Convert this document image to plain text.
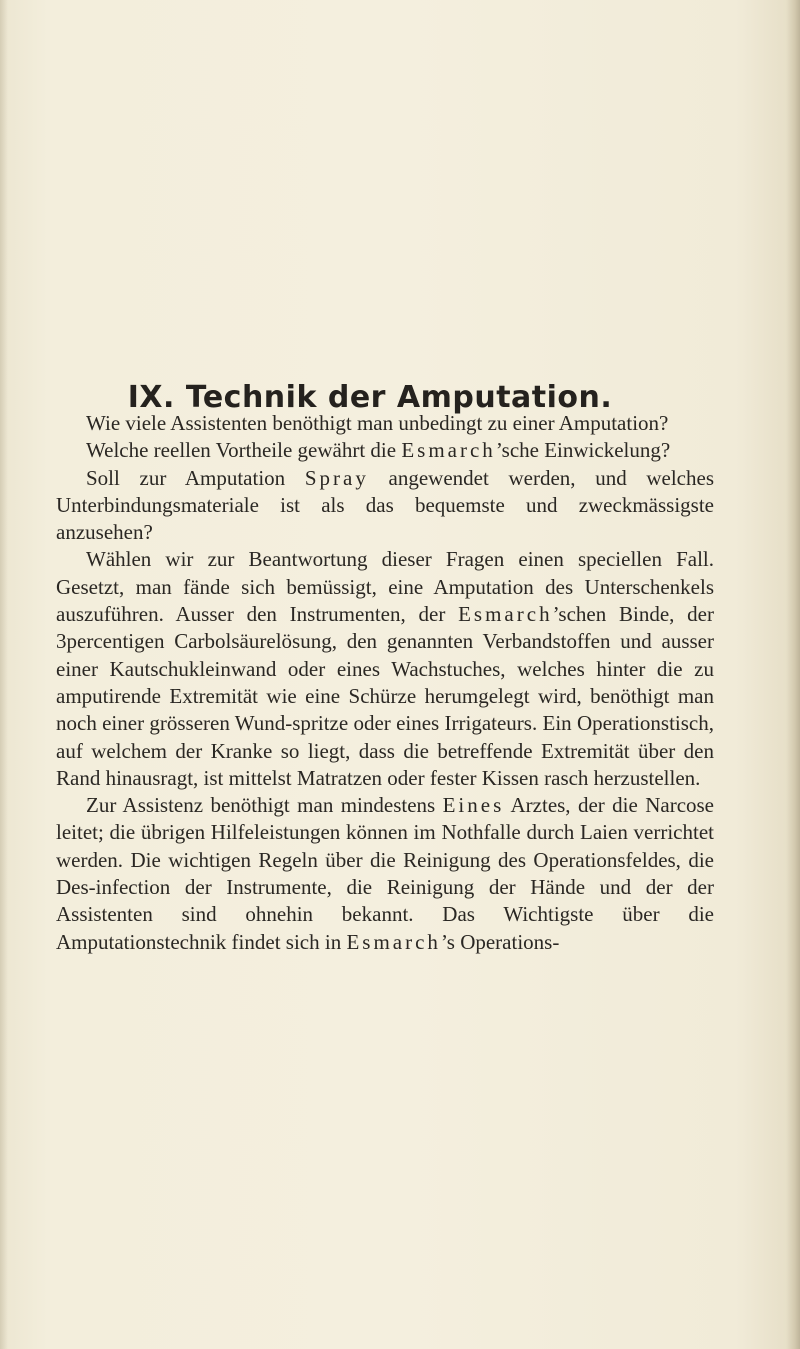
IX. Technik der Amputation.

Wie viele Assistenten benöthigt man unbedingt zu einer Amputation?

Welche reellen Vortheile gewährt die Esmarch’sche Einwickelung?

Soll zur Amputation Spray angewendet werden, und welches Unterbindungsmateriale ist als das bequemste und zweckmässigste anzusehen?

Wählen wir zur Beantwortung dieser Fragen einen speciellen Fall. Gesetzt, man fände sich bemüssigt, eine Amputation des Unterschenkels auszuführen. Ausser den Instrumenten, der Esmarch’schen Binde, der 3percentigen Carbolsäurelösung, den genannten Verbandstoffen und ausser einer Kautschukleinwand oder eines Wachstuches, welches hinter die zu amputirende Extremität wie eine Schürze herumgelegt wird, benöthigt man noch einer grösseren Wund-spritze oder eines Irrigateurs. Ein Operationstisch, auf welchem der Kranke so liegt, dass die betreffende Extremität über den Rand hinausragt, ist mittelst Matratzen oder fester Kissen rasch herzustellen.

Zur Assistenz benöthigt man mindestens Eines Arztes, der die Narcose leitet; die übrigen Hilfeleistungen können im Nothfalle durch Laien verrichtet werden. Die wichtigen Regeln über die Reinigung des Operationsfeldes, die Des-infection der Instrumente, die Reinigung der Hände und der der Assistenten sind ohnehin bekannt. Das Wichtigste über die Amputationstechnik findet sich in Esmarch’s Operations-
